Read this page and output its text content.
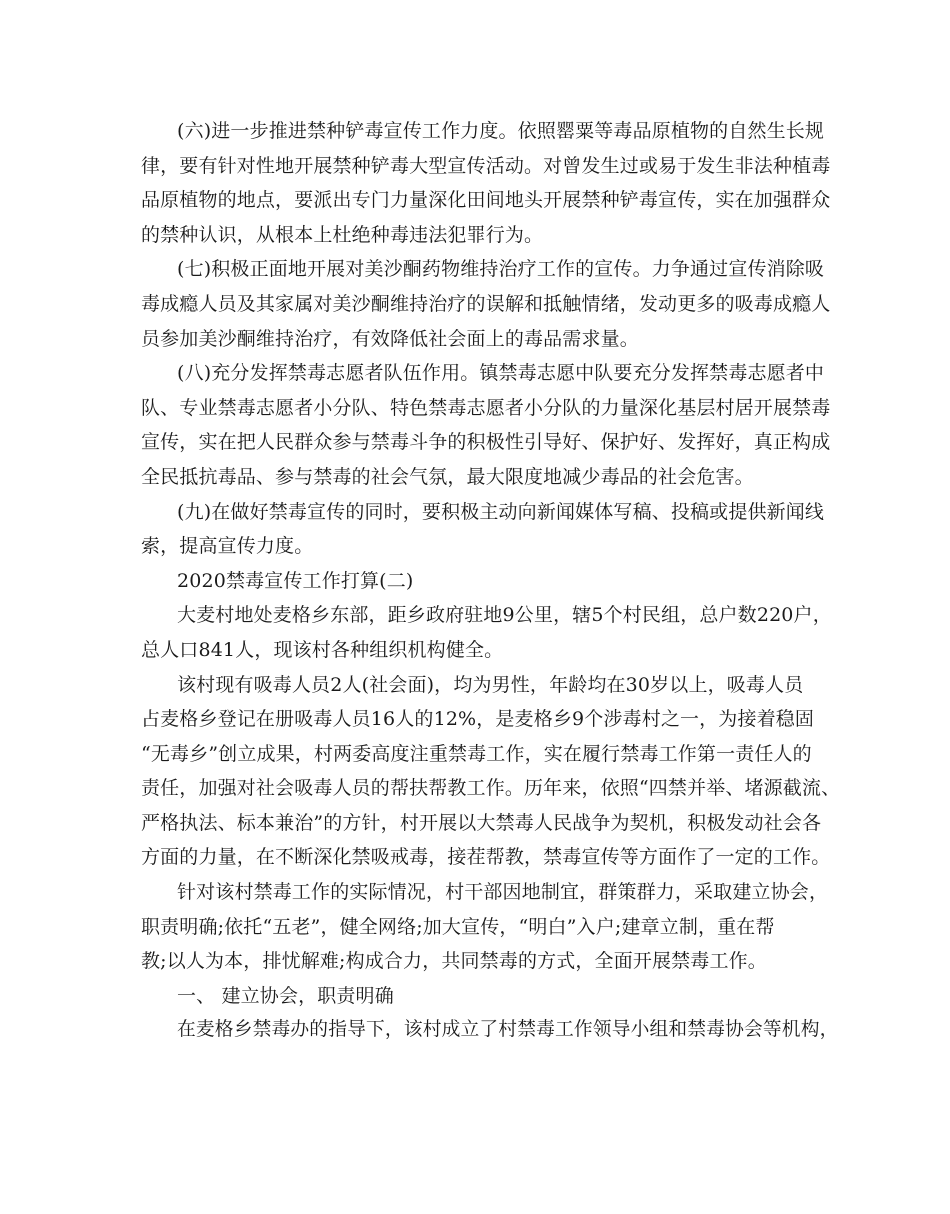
(六)进一步推进禁种铲毒宣传工作力度。依照罂粟等毒品原植物的自然生长规
律，要有针对性地开展禁种铲毒大型宣传活动。对曾发生过或易于发生非法种植毒
品原植物的地点，要派出专门力量深化田间地头开展禁种铲毒宣传，实在加强群众
的禁种认识，从根本上杜绝种毒违法犯罪行为。
(七)积极正面地开展对美沙酮药物维持治疗工作的宣传。力争通过宣传消除吸
毒成瘾人员及其家属对美沙酮维持治疗的误解和抵触情绪，发动更多的吸毒成瘾人
员参加美沙酮维持治疗，有效降低社会面上的毒品需求量。
(八)充分发挥禁毒志愿者队伍作用。镇禁毒志愿中队要充分发挥禁毒志愿者中
队、专业禁毒志愿者小分队、特色禁毒志愿者小分队的力量深化基层村居开展禁毒
宣传，实在把人民群众参与禁毒斗争的积极性引导好、保护好、发挥好，真正构成
全民抵抗毒品、参与禁毒的社会气氛，最大限度地减少毒品的社会危害。
(九)在做好禁毒宣传的同时，要积极主动向新闻媒体写稿、投稿或提供新闻线
索，提高宣传力度。
2020禁毒宣传工作打算(二)
大麦村地处麦格乡东部，距乡政府驻地9公里，辖5个村民组，总户数220户，
总人口841人，现该村各种组织机构健全。
该村现有吸毒人员2人(社会面)，均为男性，年龄均在30岁以上，吸毒人员
占麦格乡登记在册吸毒人员16人的12%，是麦格乡9个涉毒村之一，为接着稳固
“无毒乡”创立成果，村两委高度注重禁毒工作，实在履行禁毒工作第一责任人的
责任，加强对社会吸毒人员的帮扶帮教工作。历年来，依照“四禁并举、堵源截流、
严格执法、标本兼治”的方针，村开展以大禁毒人民战争为契机，积极发动社会各
方面的力量，在不断深化禁吸戒毒，接茬帮教，禁毒宣传等方面作了一定的工作。
针对该村禁毒工作的实际情况，村干部因地制宜，群策群力，采取建立协会，
职责明确;依托“五老”，健全网络;加大宣传，“明白”入户;建章立制，重在帮
教;以人为本，排忧解难;构成合力，共同禁毒的方式，全面开展禁毒工作。
一、 建立协会，职责明确
在麦格乡禁毒办的指导下，该村成立了村禁毒工作领导小组和禁毒协会等机构，
